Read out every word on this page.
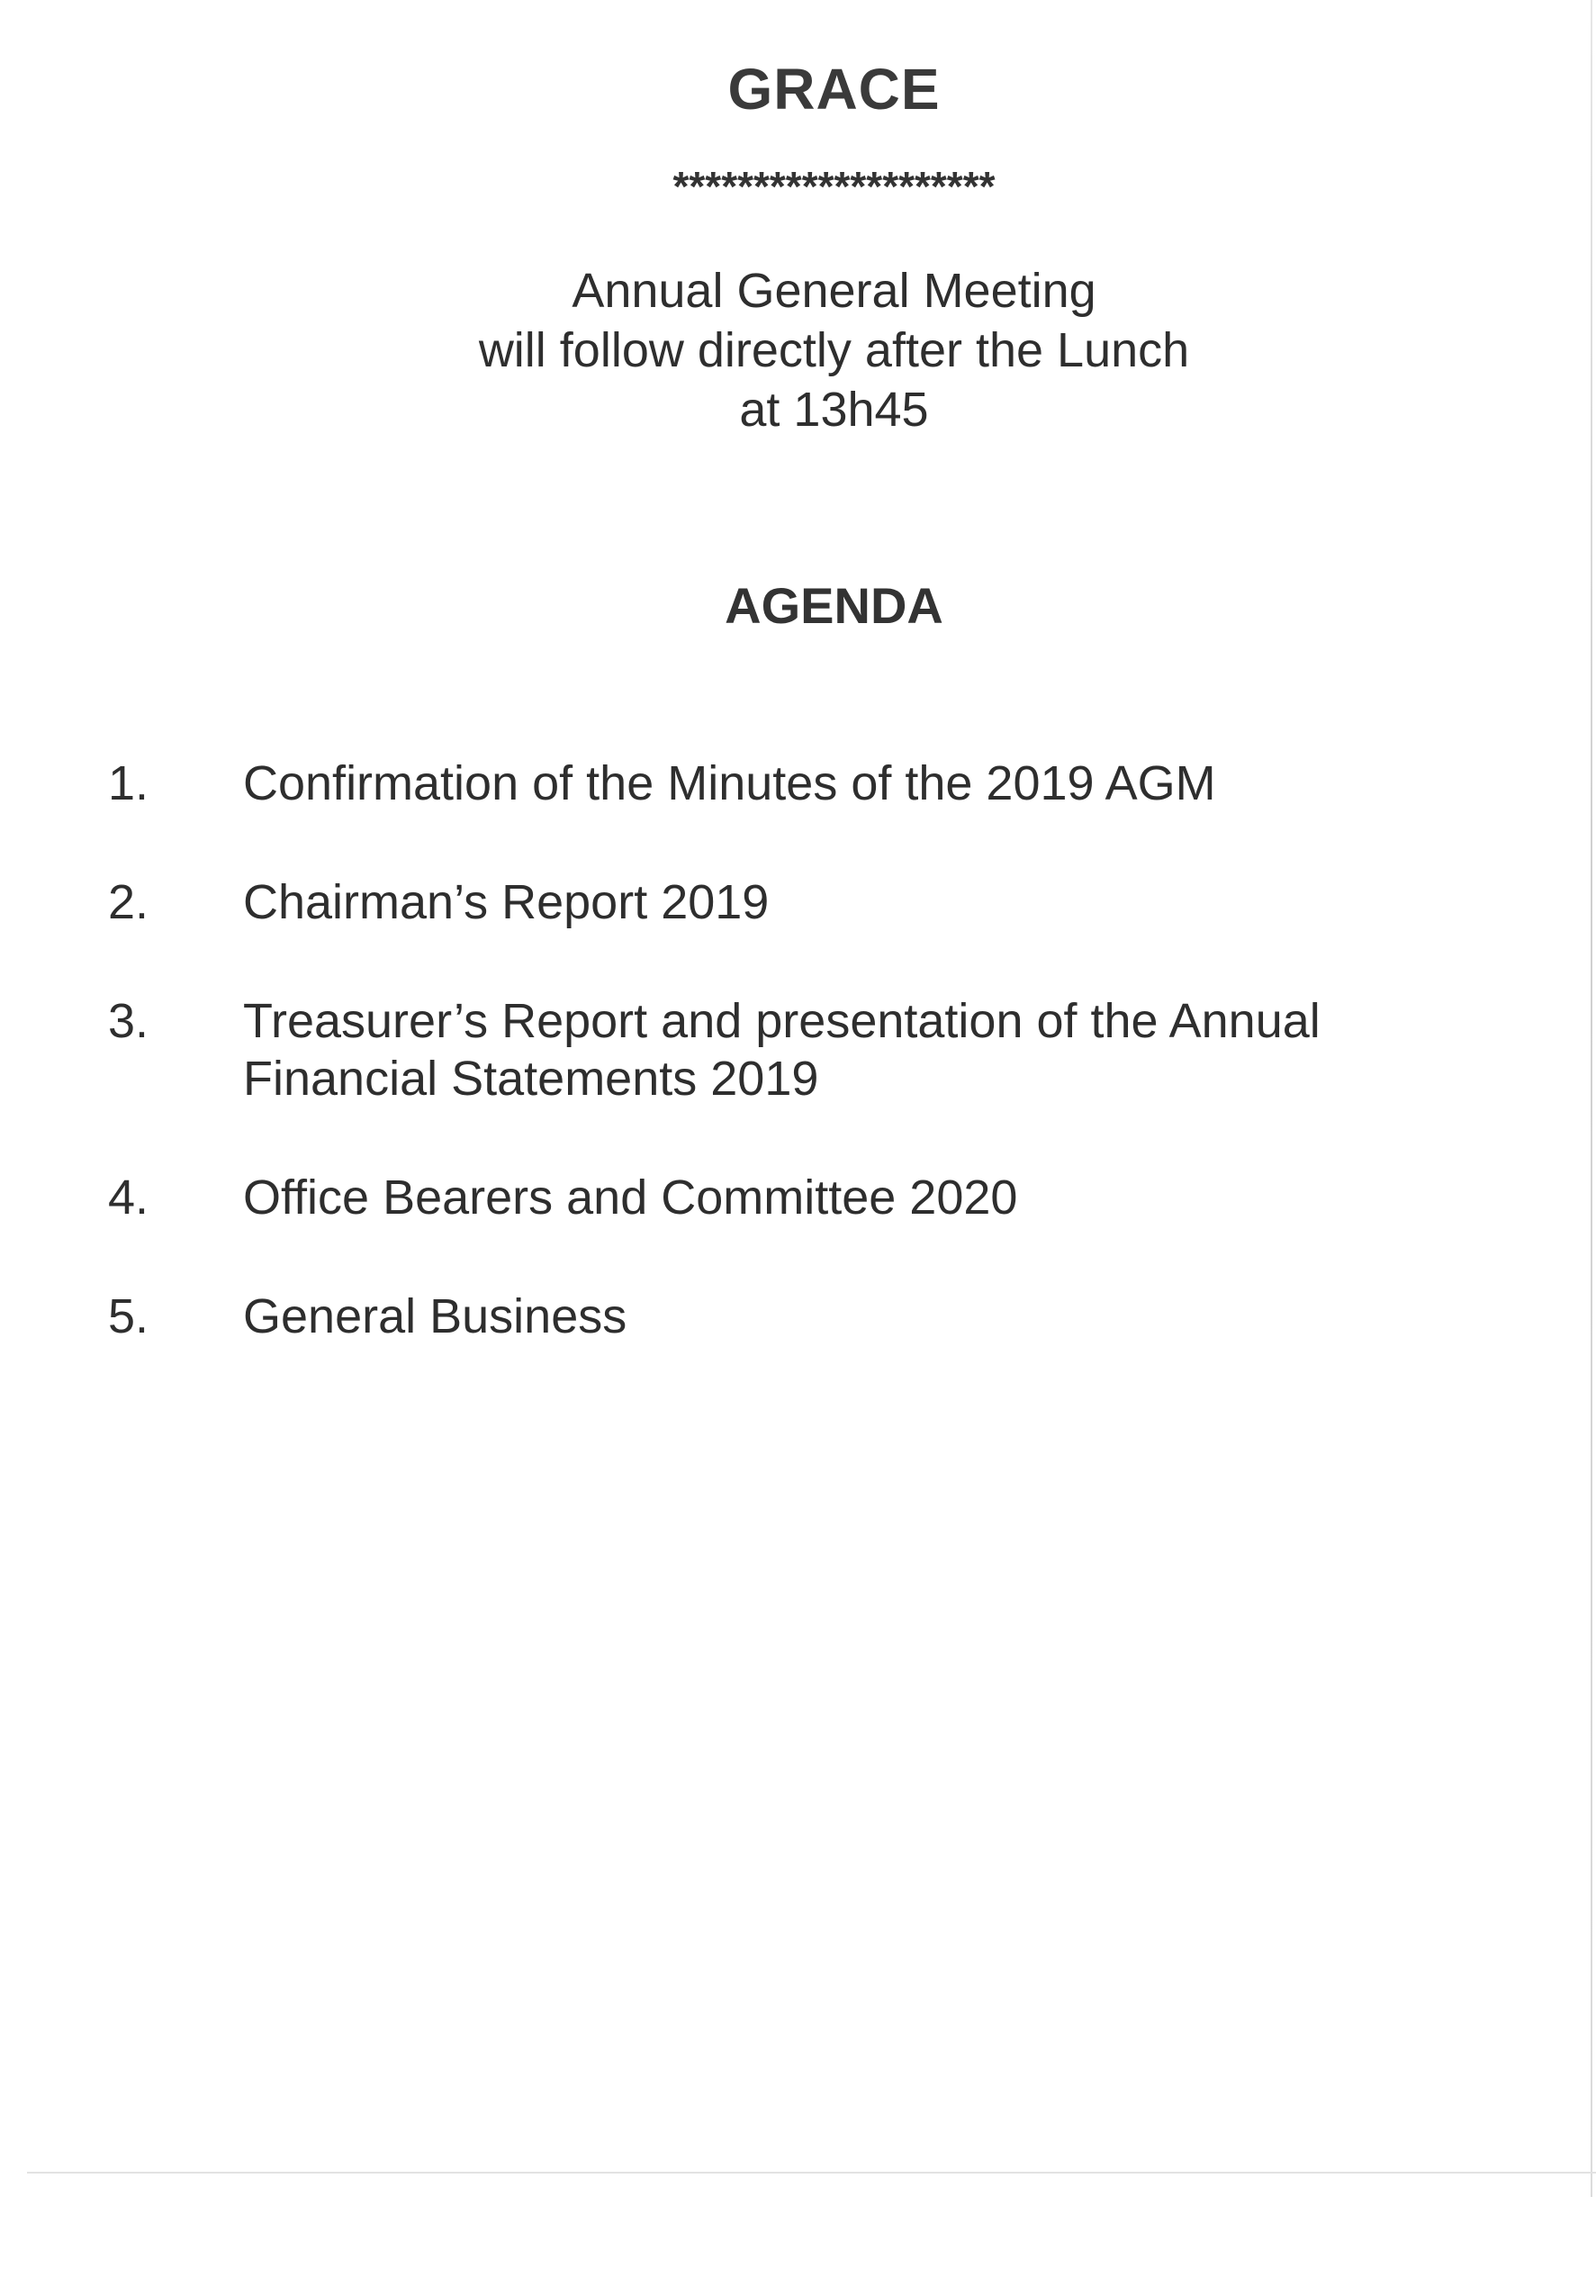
GRACE
********************
Annual General Meeting
will follow directly after the Lunch
at 13h45
AGENDA
1.	Confirmation of the Minutes of the 2019 AGM
2.	Chairman’s Report 2019
3.	Treasurer’s Report and presentation of the Annual Financial Statements 2019
4.	Office Bearers and Committee 2020
5.	General Business
